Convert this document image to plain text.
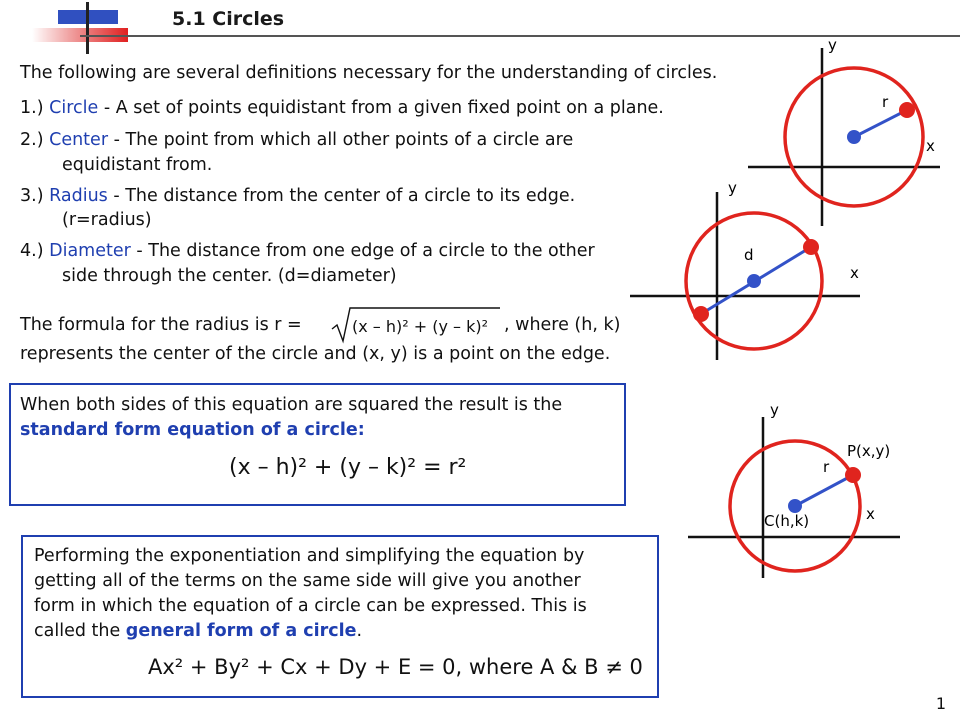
5.1 Circles
The following are several definitions necessary for the understanding of circles.
1.) Circle - A set of points equidistant from a given fixed point on a plane.
2.) Center - The point from which all other points of a circle are
equidistant from.
3.) Radius - The distance from the center of a circle to its edge.
(r=radius)
4.) Diameter - The distance from one edge of a circle to the other
side through the center. (d=diameter)
The formula for the radius is r =	(x – h)² + (y – k)² , where (h, k)
represents the center of the circle and (x, y) is a point on the edge.
When both sides of this equation are squared the result is the
standard form equation of a circle:
(x – h)² + (y – k)² = r²
Performing the exponentiation and simplifying the equation by
getting all of the terms on the same side will give you another
form in which the equation of a circle can be expressed. This is
called the general form of a circle.
Ax² + By² + Cx + Dy + E = 0, where A & B ≠ 0
y
x
r
y
x
d
y
x
r
P(x,y)
C(h,k)
1
